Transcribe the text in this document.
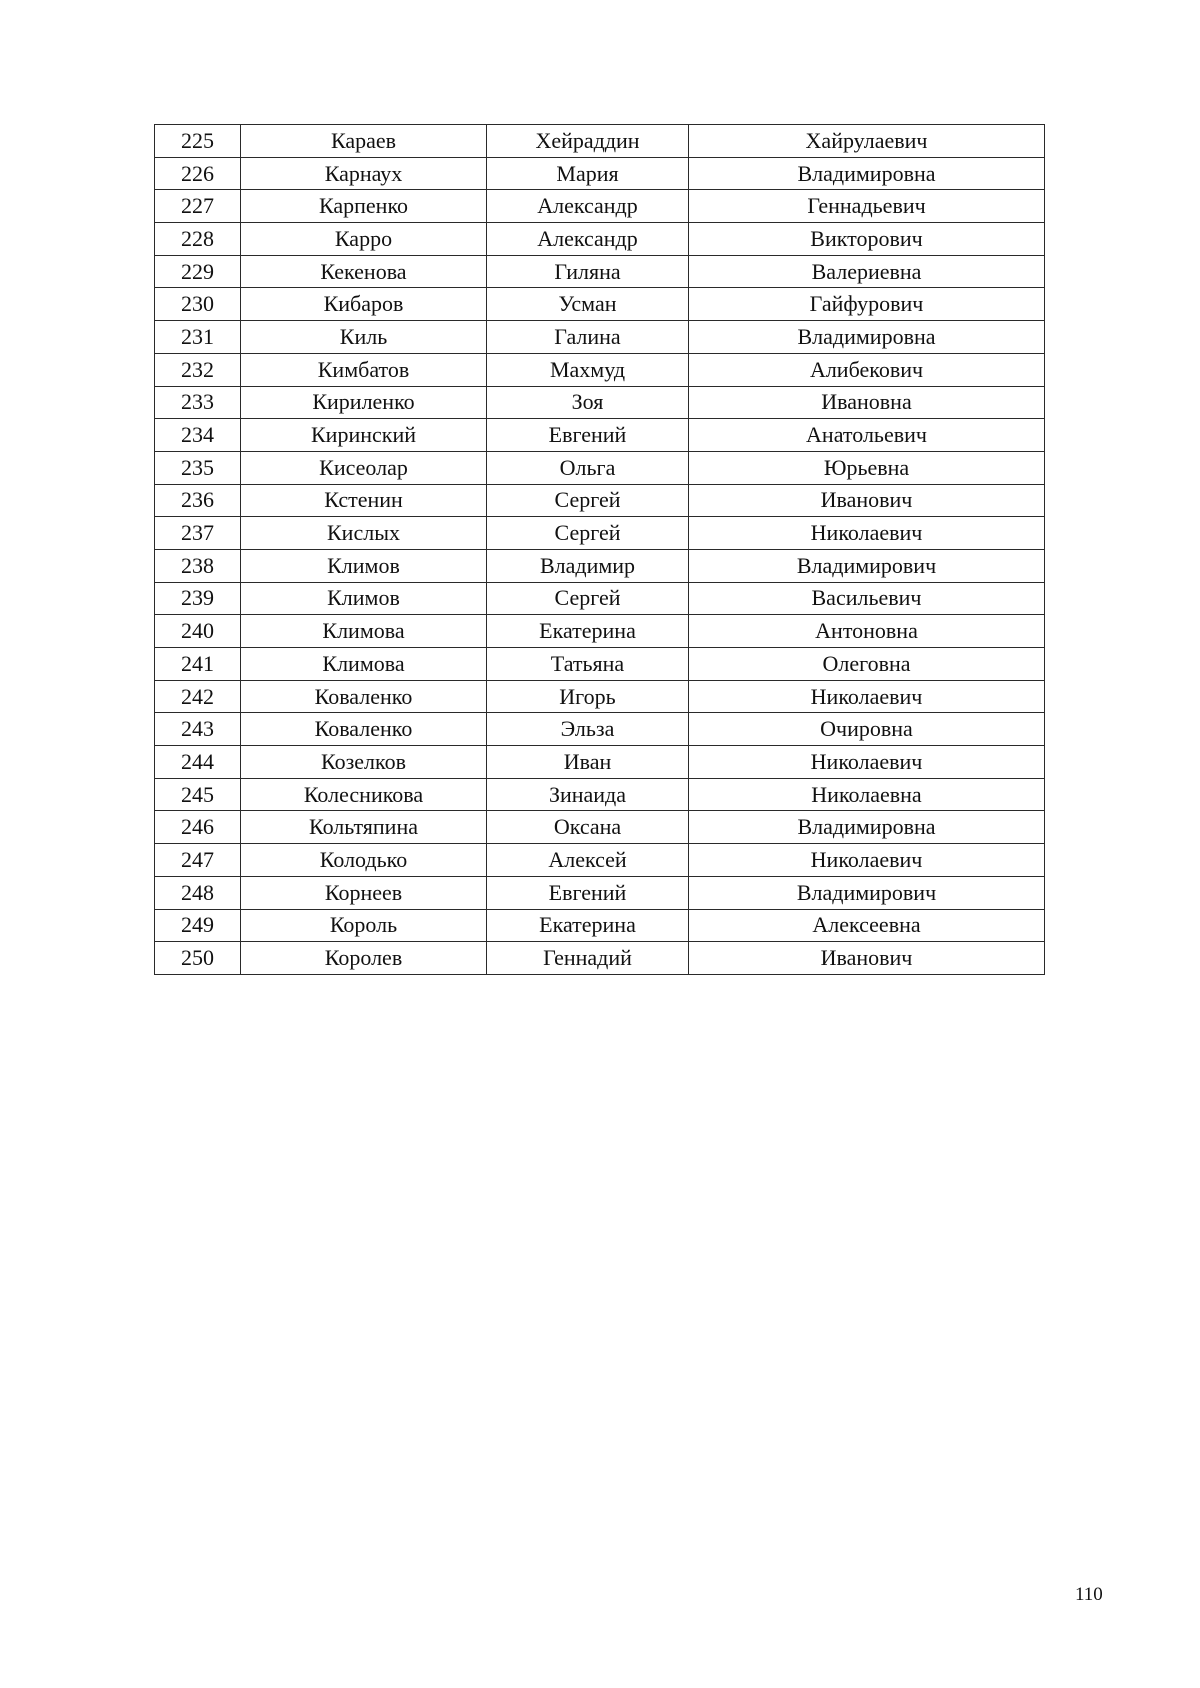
225	Караев	Хейраддин	Хайрулаевич
226	Карнаух	Мария	Владимировна
227	Карпенко	Александр	Геннадьевич
228	Карро	Александр	Викторович
229	Кекенова	Гиляна	Валериевна
230	Кибаров	Усман	Гайфурович
231	Киль	Галина	Владимировна
232	Кимбатов	Махмуд	Алибекович
233	Кириленко	Зоя	Ивановна
234	Киринский	Евгений	Анатольевич
235	Кисеолар	Ольга	Юрьевна
236	Кстенин	Сергей	Иванович
237	Кислых	Сергей	Николаевич
238	Климов	Владимир	Владимирович
239	Климов	Сергей	Васильевич
240	Климова	Екатерина	Антоновна
241	Климова	Татьяна	Олеговна
242	Коваленко	Игорь	Николаевич
243	Коваленко	Эльза	Очировна
244	Козелков	Иван	Николаевич
245	Колесникова	Зинаида	Николаевна
246	Кольтяпина	Оксана	Владимировна
247	Колодько	Алексей	Николаевич
248	Корнеев	Евгений	Владимирович
249	Король	Екатерина	Алексеевна
250	Королев	Геннадий	Иванович
110
